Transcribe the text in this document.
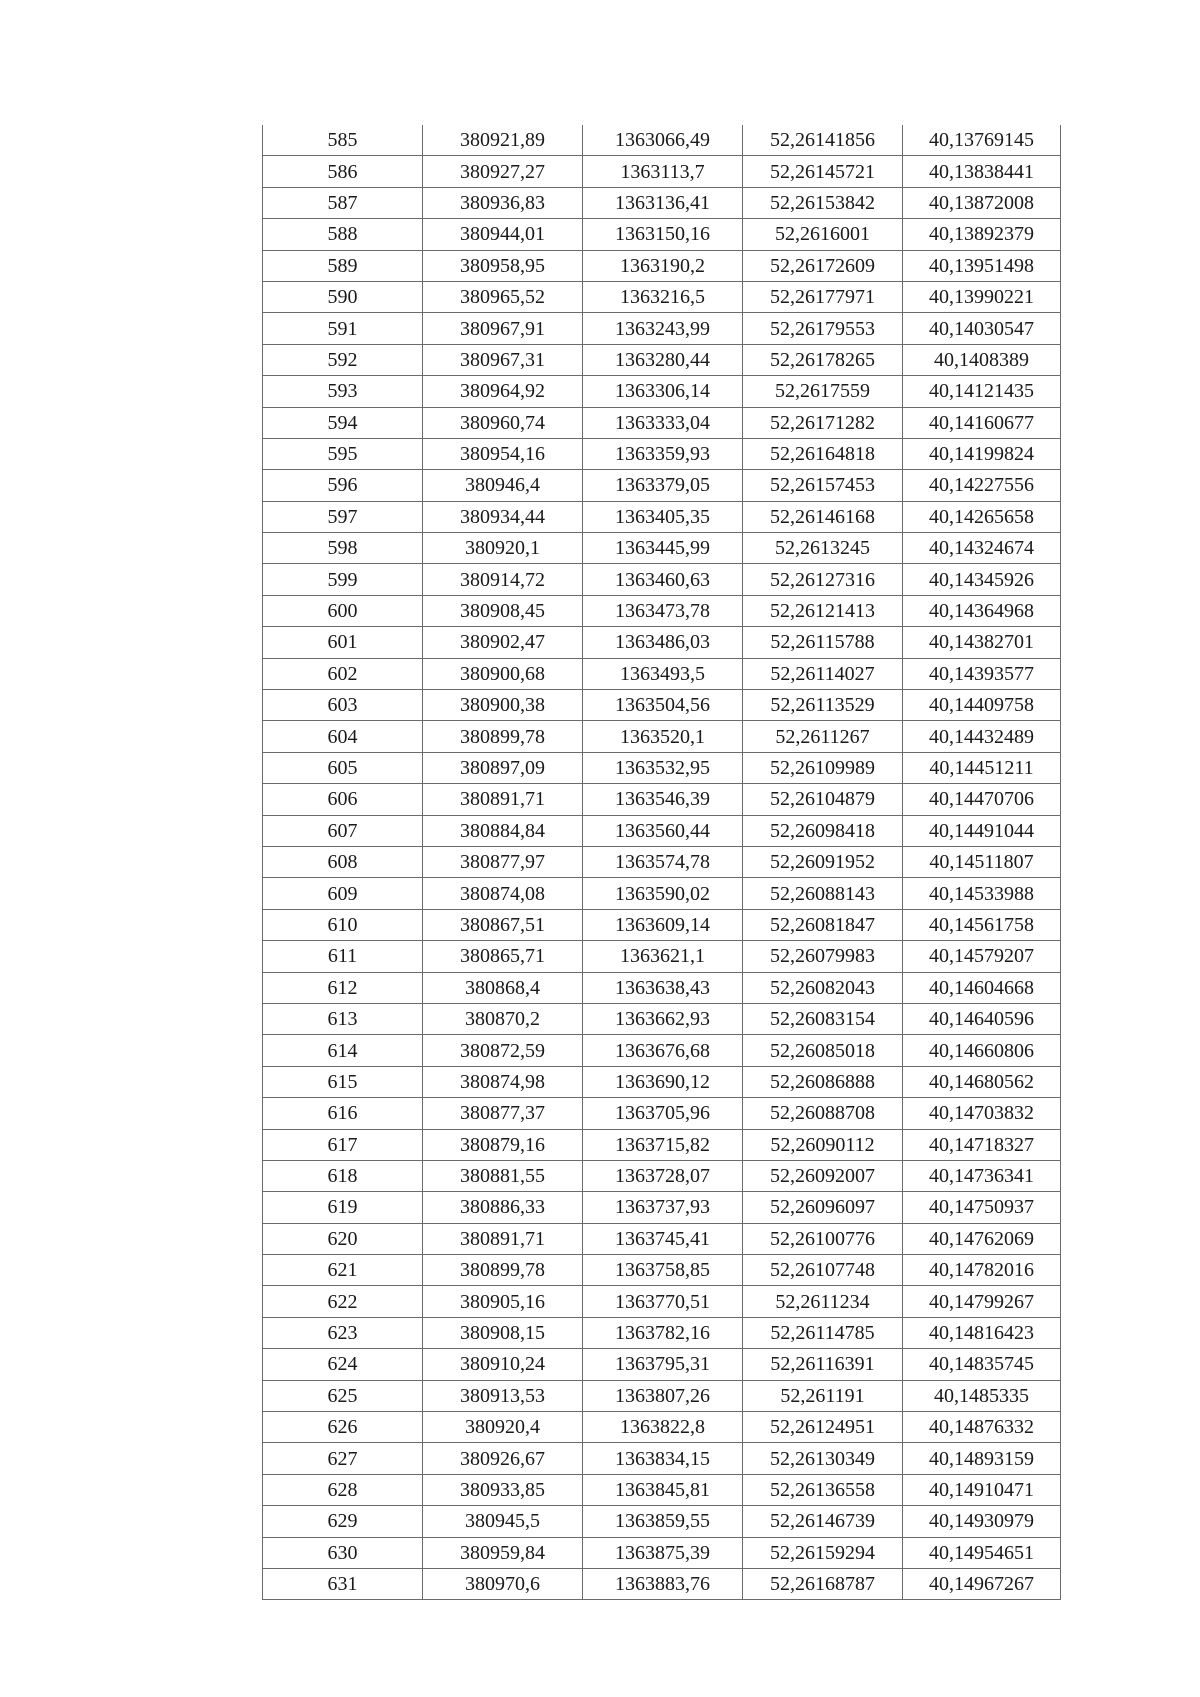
585	380921,89	1363066,49	52,26141856	40,13769145
586	380927,27	1363113,7	52,26145721	40,13838441
587	380936,83	1363136,41	52,26153842	40,13872008
588	380944,01	1363150,16	52,2616001	40,13892379
589	380958,95	1363190,2	52,26172609	40,13951498
590	380965,52	1363216,5	52,26177971	40,13990221
591	380967,91	1363243,99	52,26179553	40,14030547
592	380967,31	1363280,44	52,26178265	40,1408389
593	380964,92	1363306,14	52,2617559	40,14121435
594	380960,74	1363333,04	52,26171282	40,14160677
595	380954,16	1363359,93	52,26164818	40,14199824
596	380946,4	1363379,05	52,26157453	40,14227556
597	380934,44	1363405,35	52,26146168	40,14265658
598	380920,1	1363445,99	52,2613245	40,14324674
599	380914,72	1363460,63	52,26127316	40,14345926
600	380908,45	1363473,78	52,26121413	40,14364968
601	380902,47	1363486,03	52,26115788	40,14382701
602	380900,68	1363493,5	52,26114027	40,14393577
603	380900,38	1363504,56	52,26113529	40,14409758
604	380899,78	1363520,1	52,2611267	40,14432489
605	380897,09	1363532,95	52,26109989	40,14451211
606	380891,71	1363546,39	52,26104879	40,14470706
607	380884,84	1363560,44	52,26098418	40,14491044
608	380877,97	1363574,78	52,26091952	40,14511807
609	380874,08	1363590,02	52,26088143	40,14533988
610	380867,51	1363609,14	52,26081847	40,14561758
611	380865,71	1363621,1	52,26079983	40,14579207
612	380868,4	1363638,43	52,26082043	40,14604668
613	380870,2	1363662,93	52,26083154	40,14640596
614	380872,59	1363676,68	52,26085018	40,14660806
615	380874,98	1363690,12	52,26086888	40,14680562
616	380877,37	1363705,96	52,26088708	40,14703832
617	380879,16	1363715,82	52,26090112	40,14718327
618	380881,55	1363728,07	52,26092007	40,14736341
619	380886,33	1363737,93	52,26096097	40,14750937
620	380891,71	1363745,41	52,26100776	40,14762069
621	380899,78	1363758,85	52,26107748	40,14782016
622	380905,16	1363770,51	52,2611234	40,14799267
623	380908,15	1363782,16	52,26114785	40,14816423
624	380910,24	1363795,31	52,26116391	40,14835745
625	380913,53	1363807,26	52,261191	40,1485335
626	380920,4	1363822,8	52,26124951	40,14876332
627	380926,67	1363834,15	52,26130349	40,14893159
628	380933,85	1363845,81	52,26136558	40,14910471
629	380945,5	1363859,55	52,26146739	40,14930979
630	380959,84	1363875,39	52,26159294	40,14954651
631	380970,6	1363883,76	52,26168787	40,14967267
